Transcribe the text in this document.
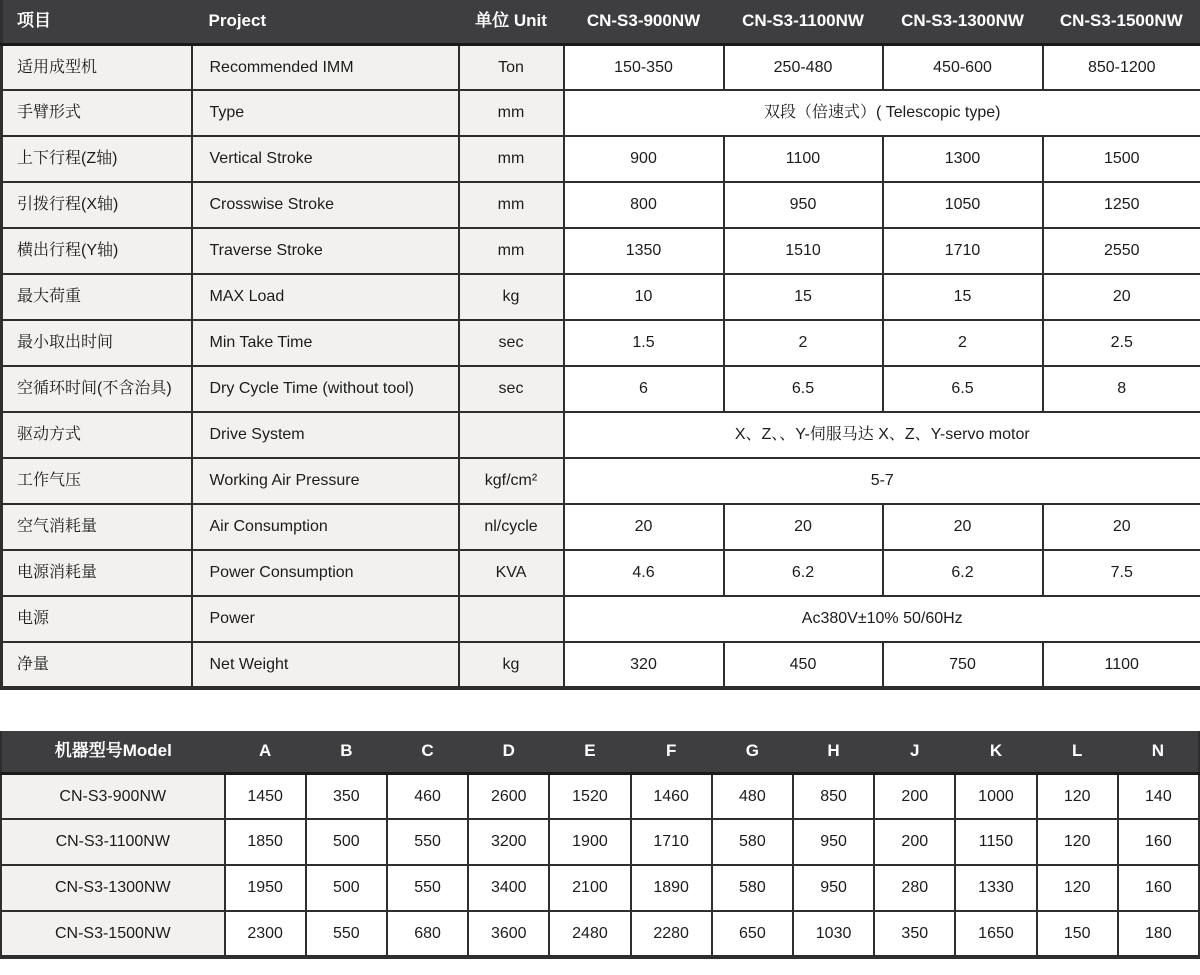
项目	Project	单位 Unit	CN-S3-900NW	CN-S3-1100NW	CN-S3-1300NW	CN-S3-1500NW
适用成型机	Recommended IMM	Ton	150-350	250-480	450-600	850-1200
手臂形式	Type	mm	双段（倍速式）( Telescopic type)			
上下行程(Z轴)	Vertical Stroke	mm	900	1100	1300	1500
引拨行程(X轴)	Crosswise Stroke	mm	800	950	1050	1250
横出行程(Y轴)	Traverse Stroke	mm	1350	1510	1710	2550
最大荷重	MAX Load	kg	10	15	15	20
最小取出时间	Min Take Time	sec	1.5	2	2	2.5
空循环时间(不含治具)	Dry Cycle Time (without tool)	sec	6	6.5	6.5	8
驱动方式	Drive System		X、Z、、Y-伺服马达 X、Z、Y-servo motor			
工作气压	Working Air Pressure	kgf/cm²	5-7			
空气消耗量	Air Consumption	nl/cycle	20	20	20	20
电源消耗量	Power Consumption	KVA	4.6	6.2	6.2	7.5
电源	Power		Ac380V±10% 50/60Hz			
净量	Net Weight	kg	320	450	750	1100
机器型号Model	A	B	C	D	E	F	G	H	J	K	L	N
CN-S3-900NW	1450	350	460	2600	1520	1460	480	850	200	1000	120	140
CN-S3-1100NW	1850	500	550	3200	1900	1710	580	950	200	1150	120	160
CN-S3-1300NW	1950	500	550	3400	2100	1890	580	950	280	1330	120	160
CN-S3-1500NW	2300	550	680	3600	2480	2280	650	1030	350	1650	150	180
